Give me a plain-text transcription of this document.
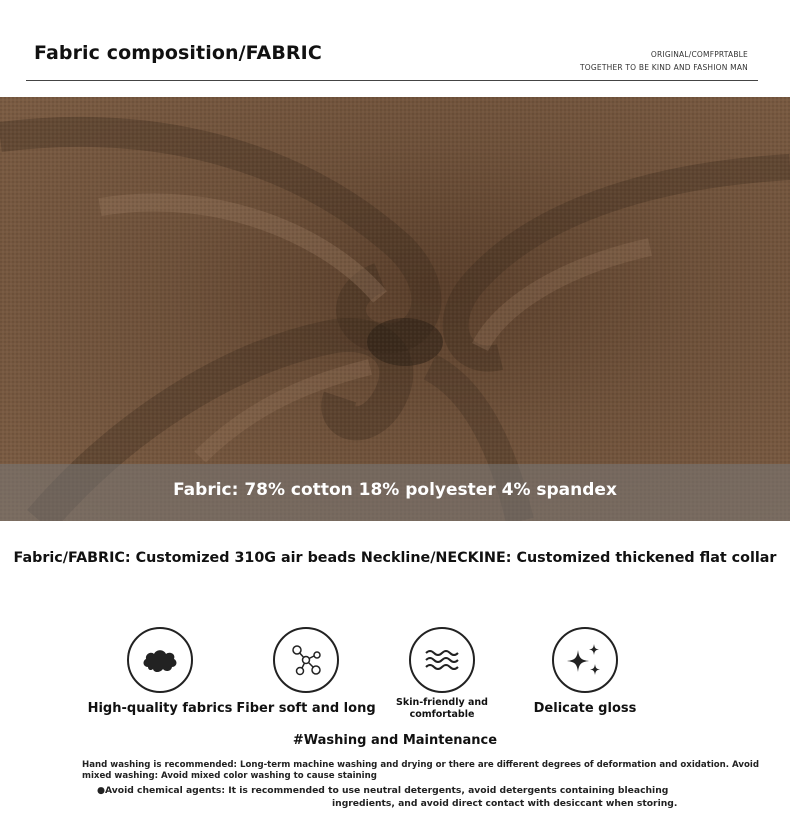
Fabric composition/FABRIC	ORIGINAL/COMFPRTABLE
TOGETHER TO BE KIND AND FASHION MAN
Fabric: 78% cotton 18% polyester 4% spandex
Fabric/FABRIC: Customized 310G air beads Neckline/NECKINE: Customized thickened flat collar
High-quality fabrics Fiber soft and long	Skin-friendly and
comfortable	Delicate gloss
#Washing and Maintenance
Hand washing is recommended: Long-term machine washing and drying or there are different degrees of deformation and oxidation. Avoid
mixed washing: Avoid mixed color washing to cause staining
●Avoid chemical agents: It is recommended to use neutral detergents, avoid detergents containing bleaching
ingredients, and avoid direct contact with desiccant when storing.
